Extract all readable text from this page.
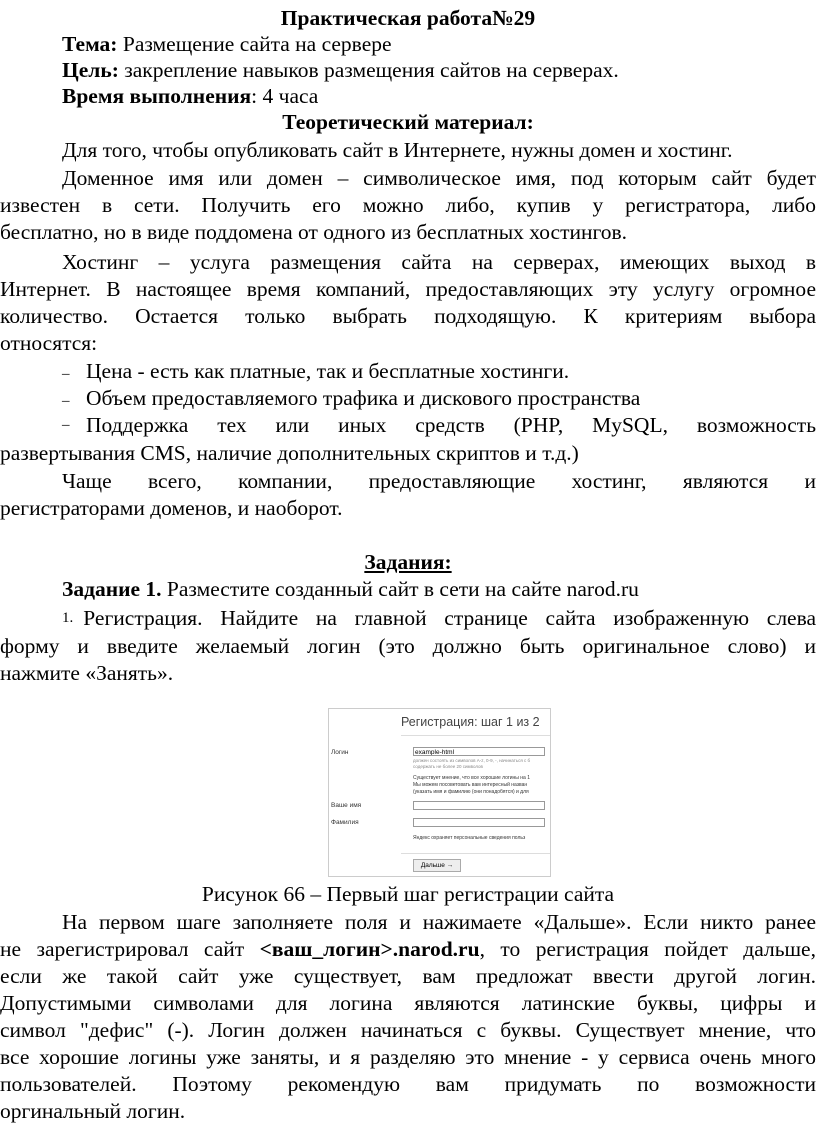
Практическая работа№29
Тема: Размещение сайта на сервере
Цель: закрепление навыков размещения сайтов на серверах.
Время выполнения: 4 часа
Теоретический материал:
Для того, чтобы опубликовать сайт в Интернете, нужны домен и хостинг.
Доменное имя или домен – символическое имя, под которым сайт будет
известен в сети. Получить его можно либо, купив у регистратора, либо
бесплатно, но в виде поддомена от одного из бесплатных хостингов.
Хостинг – услуга размещения сайта на серверах, имеющих выход в
Интернет. В настоящее время компаний, предоставляющих эту услугу огромное
количество. Остается только выбрать подходящую. К критериям выбора
относятся:
– Цена - есть как платные, так и бесплатные хостинги.
– Объем предоставляемого трафика и дискового пространства
– Поддержка тех или иных средств (PHP, MySQL, возможность
развертывания CMS, наличие дополнительных скриптов и т.д.)
Чаще всего, компании, предоставляющие хостинг, являются и
регистраторами доменов, и наоборот.
Задания:
Задание 1. Разместите созданный сайт в сети на сайте narod.ru
1. Регистрация. Найдите на главной странице сайта изображенную слева
форму и введите желаемый логин (это должно быть оригинальное слово) и
нажмите «Занять».
Регистрация: шаг 1 из 2
Логин	example-html
должен состоять из символов A-z, 0-9, -, начинаться с б
содержать не более 20 символов
Существует мнение, что все хорошие логины на 1
Мы можем посоветовать вам интересный назван
(указать имя и фамилию (они понадобятся) и для
Ваше имя
Фамилия
Яндекс охраняет персональные сведения польз
Дальше →
Рисунок 66 – Первый шаг регистрации сайта
На первом шаге заполняете поля и нажимаете «Дальше». Если никто ранее
не зарегистрировал сайт <ваш_логин>.narod.ru, то регистрация пойдет дальше,
если же такой сайт уже существует, вам предложат ввести другой логин.
Допустимыми символами для логина являются латинские буквы, цифры и
символ "дефис" (-). Логин должен начинаться с буквы. Существует мнение, что
все хорошие логины уже заняты, и я разделяю это мнение - у сервиса очень много
пользователей. Поэтому рекомендую вам придумать по возможности
оргинальный логин.
